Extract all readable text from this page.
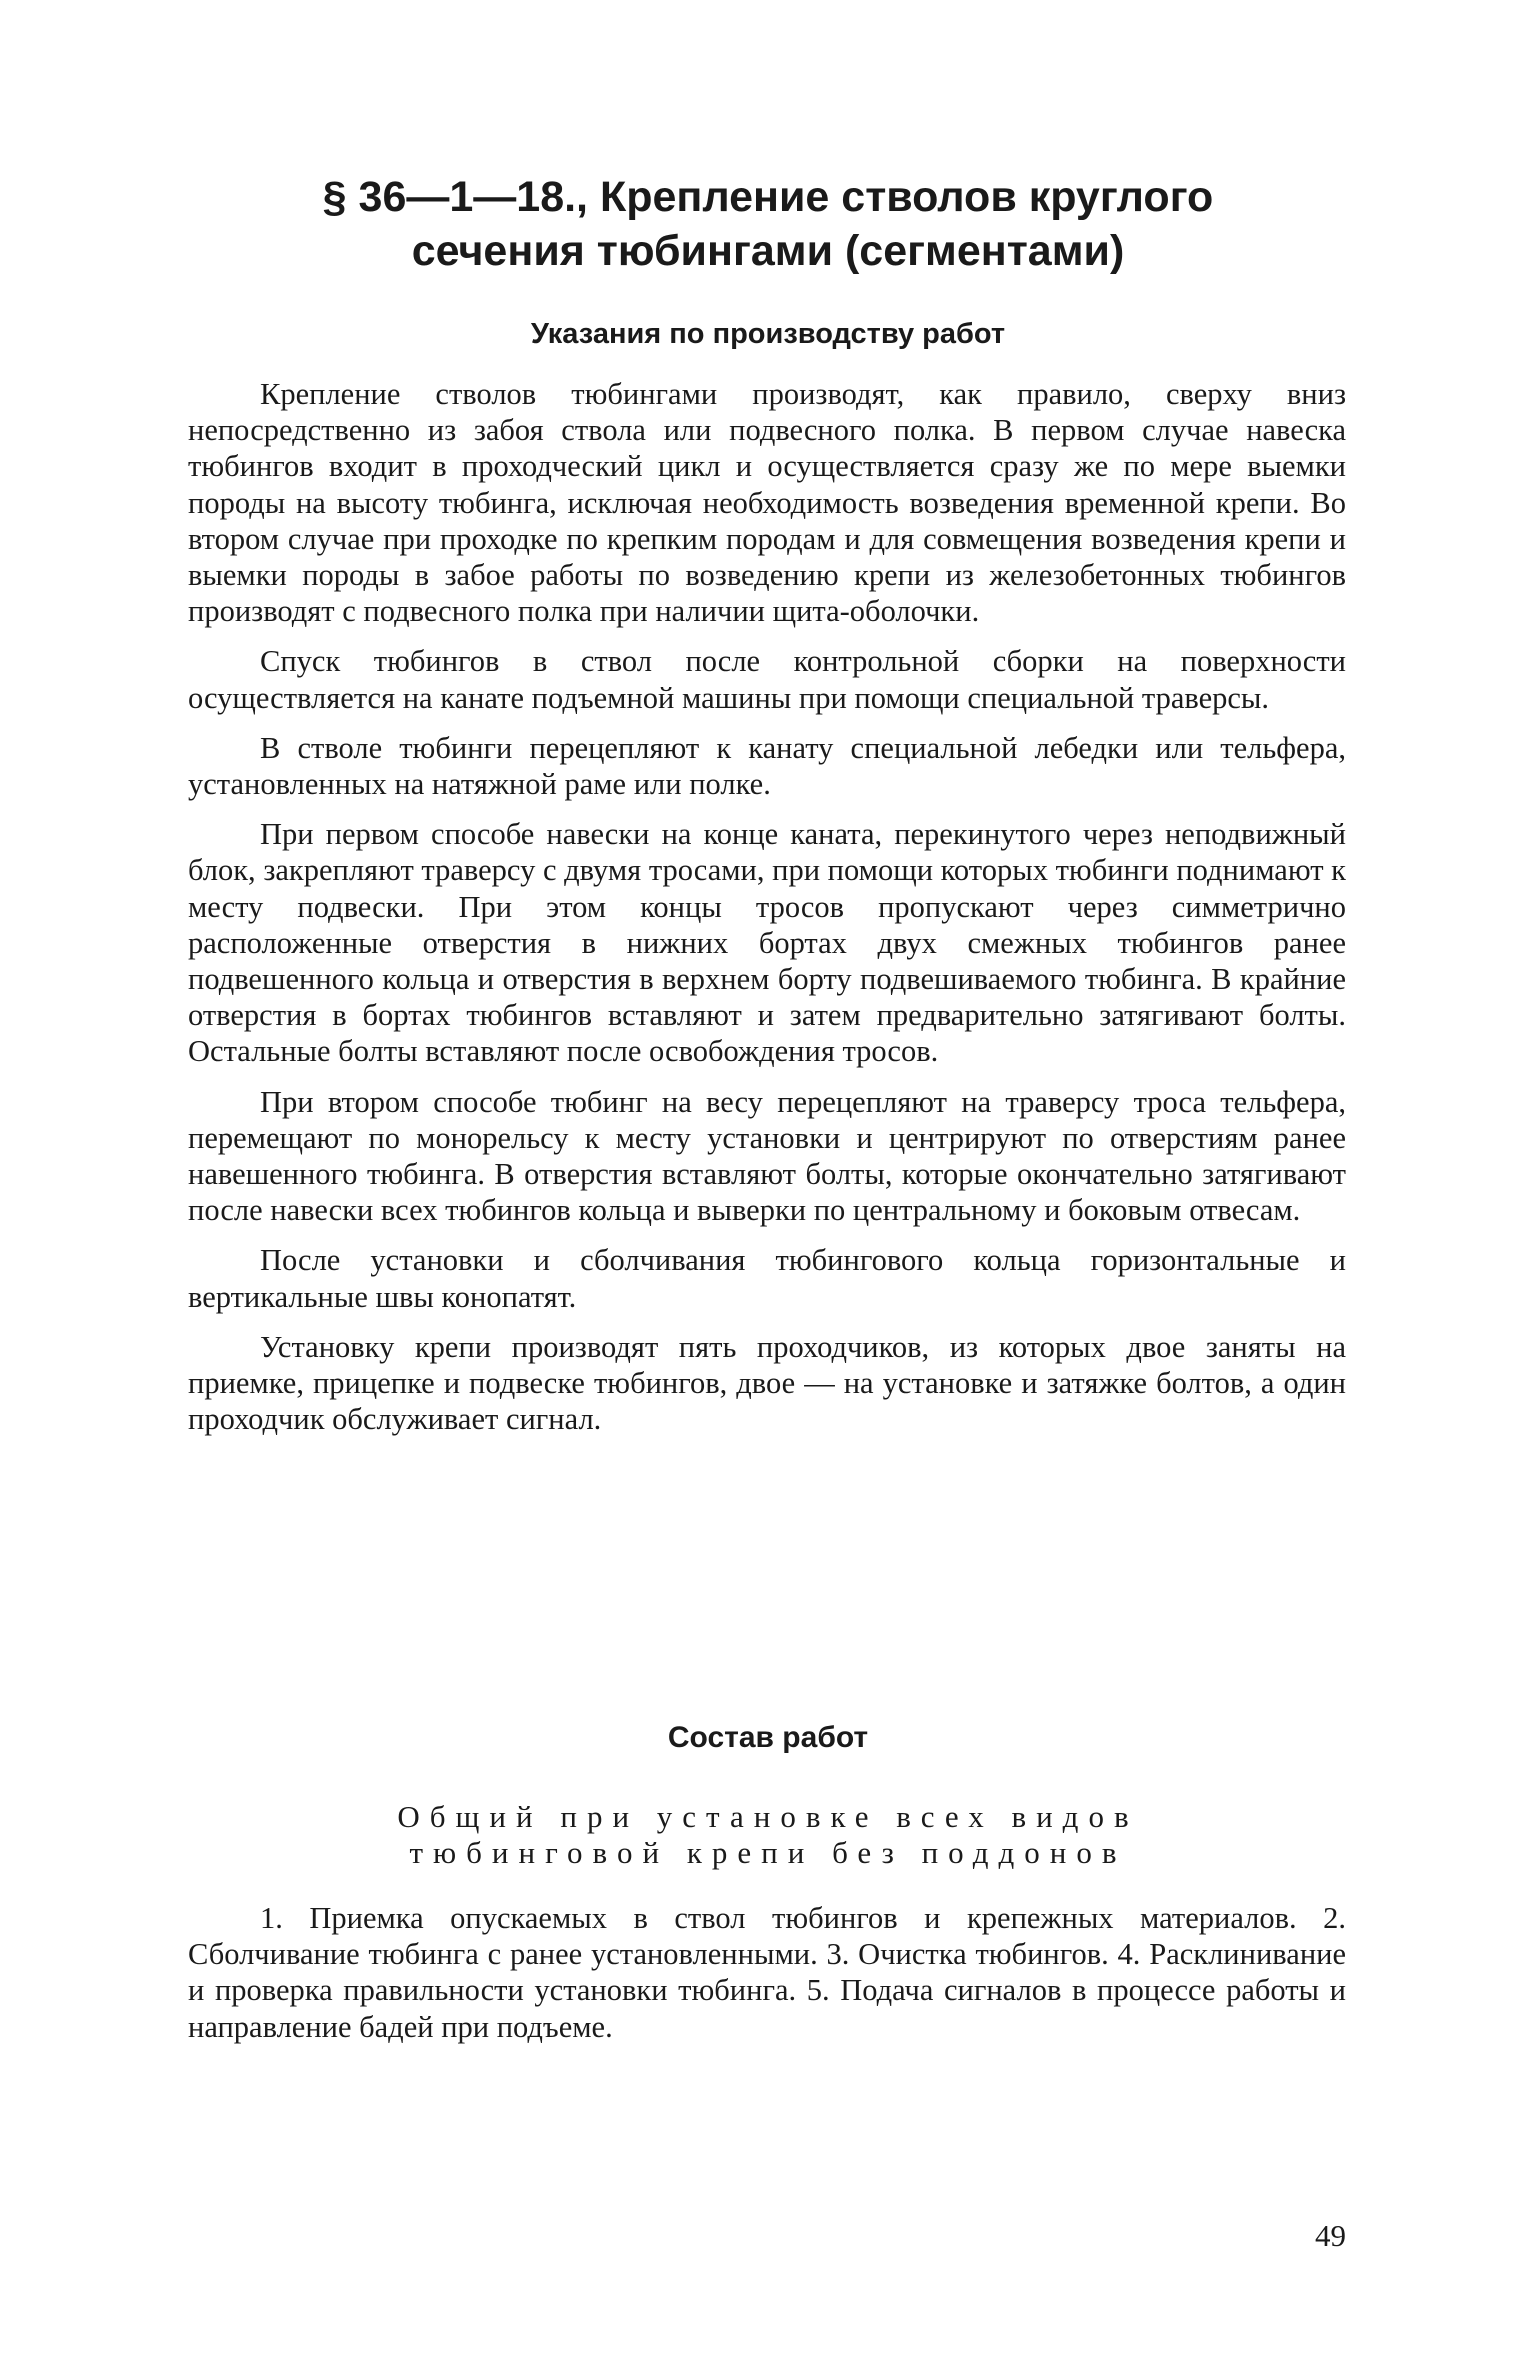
§ 36—1—18., Крепление стволов круглого
сечения тюбингами (сегментами)
Указания по производству работ

Крепление стволов тюбингами производят, как правило, сверху вниз непосредственно из забоя ствола или подвесного полка. В первом случае навеска тюбингов входит в проходческий цикл и осуществляется сразу же по мере выемки породы на высоту тюбинга, исключая необходимость возведения временной крепи. Во втором случае при проходке по крепким породам и для совмещения возведения крепи и выемки породы в забое работы по возведению крепи из железобетонных тюбингов производят с подвесного полка при наличии щита-оболочки.

Спуск тюбингов в ствол после контрольной сборки на поверхности осуществляется на канате подъемной машины при помощи специальной траверсы.

В стволе тюбинги перецепляют к канату специальной лебедки или тельфера, установленных на натяжной раме или полке.

При первом способе навески на конце каната, перекинутого через неподвижный блок, закрепляют траверсу с двумя тросами, при помощи которых тюбинги поднимают к месту подвески. При этом концы тросов пропускают через симметрично расположенные отверстия в нижних бортах двух смежных тюбингов ранее подвешенного кольца и отверстия в верхнем борту подвешиваемого тюбинга. В крайние отверстия в бортах тюбингов вставляют и затем предварительно затягивают болты. Остальные болты вставляют после освобождения тросов.

При втором способе тюбинг на весу перецепляют на траверсу троса тельфера, перемещают по монорельсу к месту установки и центрируют по отверстиям ранее навешенного тюбинга. В отверстия вставляют болты, которые окончательно затягивают после навески всех тюбингов кольца и выверки по центральному и боковым отвесам.

После установки и сболчивания тюбингового кольца горизонтальные и вертикальные швы конопатят.

Установку крепи производят пять проходчиков, из которых двое заняты на приемке, прицепке и подвеске тюбингов, двое — на установке и затяжке болтов, а один проходчик обслуживает сигнал.

Состав работ

Общий при установке всех видов

тюбинговой крепи без поддонов

1. Приемка опускаемых в ствол тюбингов и крепежных материалов. 2. Сболчивание тюбинга с ранее установленными. 3. Очистка тюбингов. 4. Расклинивание и проверка правильности установки тюбинга. 5. Подача сигналов в процессе работы и направление бадей при подъеме.

49
